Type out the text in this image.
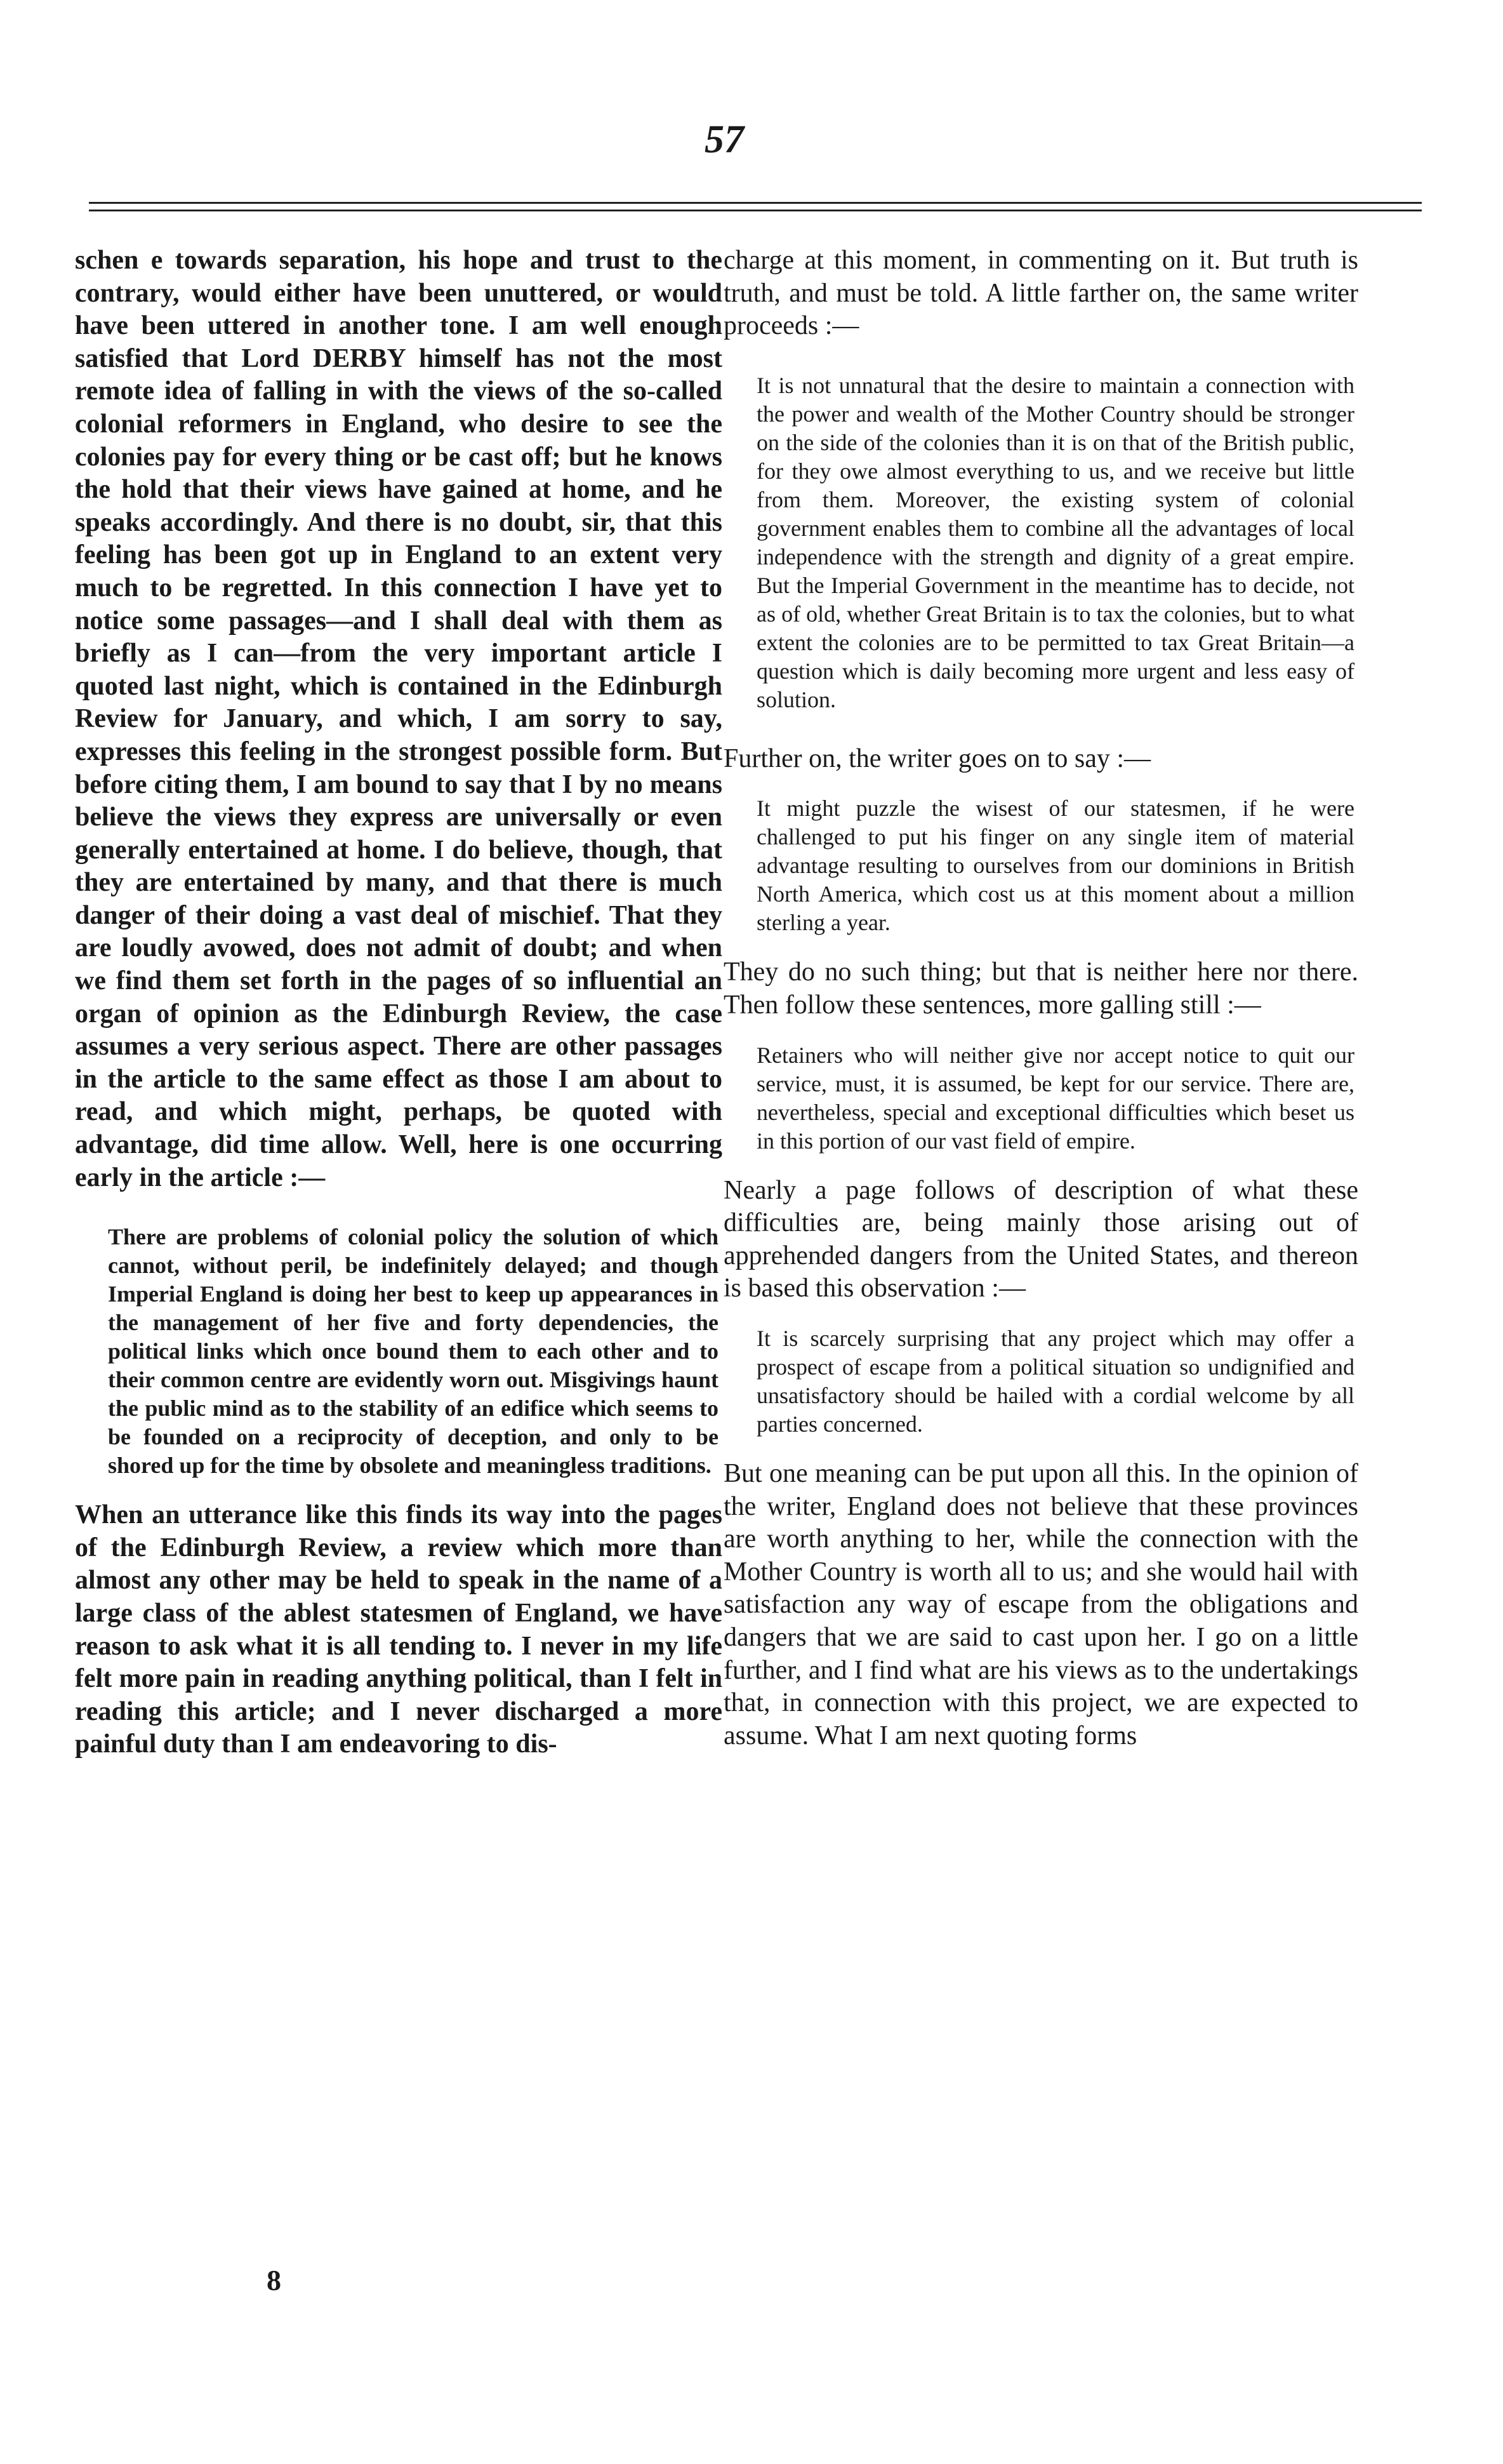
57

schen e towards separation, his hope and trust to the contrary, would either have been unuttered, or would have been uttered in another tone. I am well enough satisfied that Lord DERBY himself has not the most remote idea of falling in with the views of the so-called colonial reformers in England, who desire to see the colonies pay for every thing or be cast off; but he knows the hold that their views have gained at home, and he speaks accordingly. And there is no doubt, sir, that this feeling has been got up in England to an extent very much to be regretted. In this connection I have yet to notice some passages—and I shall deal with them as briefly as I can—from the very important article I quoted last night, which is contained in the Edinburgh Review for January, and which, I am sorry to say, expresses this feeling in the strongest possible form. But before citing them, I am bound to say that I by no means believe the views they express are universally or even generally entertained at home. I do believe, though, that they are entertained by many, and that there is much danger of their doing a vast deal of mischief. That they are loudly avowed, does not admit of doubt; and when we find them set forth in the pages of so influential an organ of opinion as the Edinburgh Review, the case assumes a very serious aspect. There are other passages in the article to the same effect as those I am about to read, and which might, perhaps, be quoted with advantage, did time allow. Well, here is one occurring early in the article :—

There are problems of colonial policy the solution of which cannot, without peril, be indefinitely delayed; and though Imperial England is doing her best to keep up appearances in the management of her five and forty dependencies, the political links which once bound them to each other and to their common centre are evidently worn out. Misgivings haunt the public mind as to the stability of an edifice which seems to be founded on a reciprocity of deception, and only to be shored up for the time by obsolete and meaningless traditions.

When an utterance like this finds its way into the pages of the Edinburgh Review, a review which more than almost any other may be held to speak in the name of a large class of the ablest statesmen of England, we have reason to ask what it is all tending to. I never in my life felt more pain in reading anything political, than I felt in reading this article; and I never discharged a more painful duty than I am endeavoring to dis-

charge at this moment, in commenting on it. But truth is truth, and must be told. A little farther on, the same writer proceeds :—

It is not unnatural that the desire to maintain a connection with the power and wealth of the Mother Country should be stronger on the side of the colonies than it is on that of the British public, for they owe almost everything to us, and we receive but little from them. Moreover, the existing system of colonial government enables them to combine all the advantages of local independence with the strength and dignity of a great empire. But the Imperial Government in the meantime has to decide, not as of old, whether Great Britain is to tax the colonies, but to what extent the colonies are to be permitted to tax Great Britain—a question which is daily becoming more urgent and less easy of solution.

Further on, the writer goes on to say :—

It might puzzle the wisest of our statesmen, if he were challenged to put his finger on any single item of material advantage resulting to ourselves from our dominions in British North America, which cost us at this moment about a million sterling a year.

They do no such thing; but that is neither here nor there. Then follow these sentences, more galling still :—

Retainers who will neither give nor accept notice to quit our service, must, it is assumed, be kept for our service. There are, nevertheless, special and exceptional difficulties which beset us in this portion of our vast field of empire.

Nearly a page follows of description of what these difficulties are, being mainly those arising out of apprehended dangers from the United States, and thereon is based this observation :—

It is scarcely surprising that any project which may offer a prospect of escape from a political situation so undignified and unsatisfactory should be hailed with a cordial welcome by all parties concerned.

But one meaning can be put upon all this. In the opinion of the writer, England does not believe that these provinces are worth anything to her, while the connection with the Mother Country is worth all to us; and she would hail with satisfaction any way of escape from the obligations and dangers that we are said to cast upon her. I go on a little further, and I find what are his views as to the undertakings that, in connection with this project, we are expected to assume. What I am next quoting forms

8
